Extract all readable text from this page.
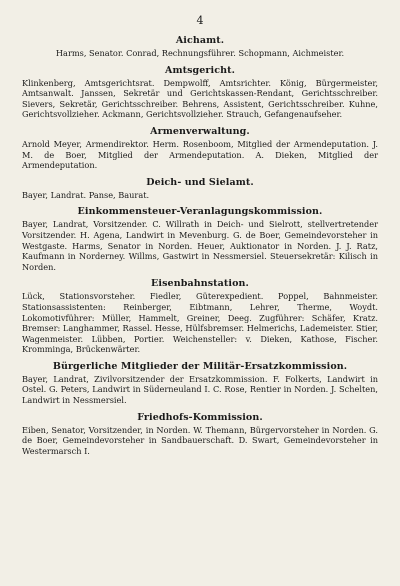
4
Aichamt.

Harms, Senator. Conrad, Rechnungsführer. Schopmann, Aichmeister.

Amtsgericht.

Klinkenberg, Amtsgerichtsrat. Dempwolff, Amtsrichter. König, Bürgermeister, Amtsanwalt. Janssen, Sekretär und Gerichtskassen-Rendant, Gerichtsschreiber. Sievers, Sekretär, Gerichtsschreiber. Behrens, Assistent, Gerichtsschreiber. Kuhne, Gerichtsvollzieher. Ackmann, Gerichtsvollzieher. Strauch, Gefangenaufseher.

Armenverwaltung.

Arnold Meyer, Armendirektor. Herm. Rosenboom, Mitglied der Armendeputation. J. M. de Boer, Mitglied der Armendeputation. A. Dieken, Mitglied der Armendeputation.

Deich- und Sielamt.

Bayer, Landrat. Panse, Baurat.

Einkommensteuer-Veranlagungskommission.

Bayer, Landrat, Vorsitzender. C. Willrath in Deich- und Sielrott, stellvertretender Vorsitzender. H. Agena, Landwirt in Mevenburg. G. de Boer, Gemeindevorsteher in Westgaste. Harms, Senator in Norden. Heuer, Auktionator in Norden. J. J. Ratz, Kaufmann in Norderney. Willms, Gastwirt in Nessmersiel. Steuersekretär: Kilisch in Norden.

Eisenbahnstation.

Lück, Stationsvorsteher. Fiedler, Güterexpedient. Poppel, Bahnmeister. Stationsassistenten: Reinberger, Eibtmann, Lehrer, Therme, Woydt. Lokomotivführer: Müller, Hammelt, Greiner, Deeg. Zugführer: Schäfer, Kratz. Bremser: Langhammer, Rassel. Hesse, Hülfsbremser. Helmerichs, Lademeister. Stier, Wagenmeister. Lübben, Portier. Weichensteller: v. Dieken, Kathose, Fischer. Kromminga, Brückenwärter.

Bürgerliche Mitglieder der Militär-Ersatzkommission.

Bayer, Landrat, Zivilvorsitzender der Ersatzkommission. F. Folkerts, Landwirt in Ostel. G. Peters, Landwirt in Süderneuland I. C. Rose, Rentier in Norden. J. Schelten, Landwirt in Nessmersiel.

Friedhofs-Kommission.

Eiben, Senator, Vorsitzender, in Norden. W. Themann, Bürgervorsteher in Norden. G. de Boer, Gemeindevorsteher in Sandbauerschaft. D. Swart, Gemeindevorsteher in Westermarsch I.
